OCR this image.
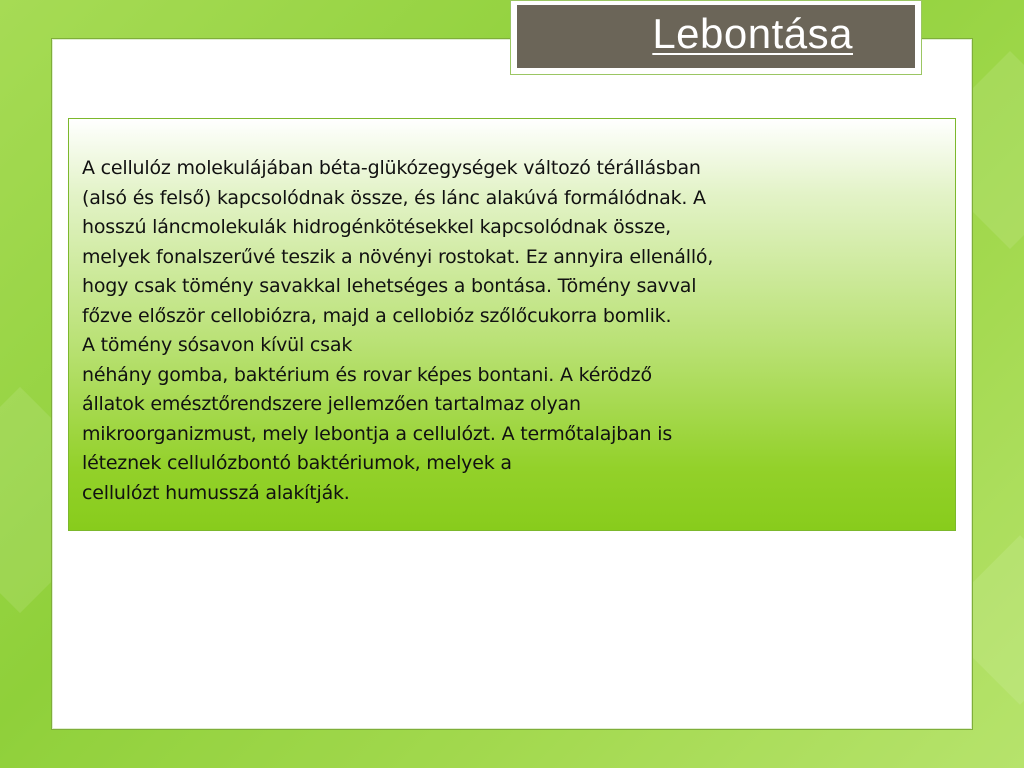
Lebontása

A cellulóz molekulájában béta-glükózegységek változó térállásban
(alsó és felső) kapcsolódnak össze, és lánc alakúvá formálódnak. A
hosszú láncmolekulák hidrogénkötésekkel kapcsolódnak össze,
melyek fonalszerűvé teszik a növényi rostokat. Ez annyira ellenálló,
hogy csak tömény savakkal lehetséges a bontása. Tömény savval
főzve először cellobiózra, majd a cellobióz szőlőcukorra bomlik.
A tömény sósavon kívül csak
néhány gomba, baktérium és rovar képes bontani. A kérödző
állatok emésztőrendszere jellemzően tartalmaz olyan
mikroorganizmust, mely lebontja a cellulózt. A termőtalajban is
léteznek cellulózbontó baktériumok, melyek a
cellulózt humusszá alakítják.
